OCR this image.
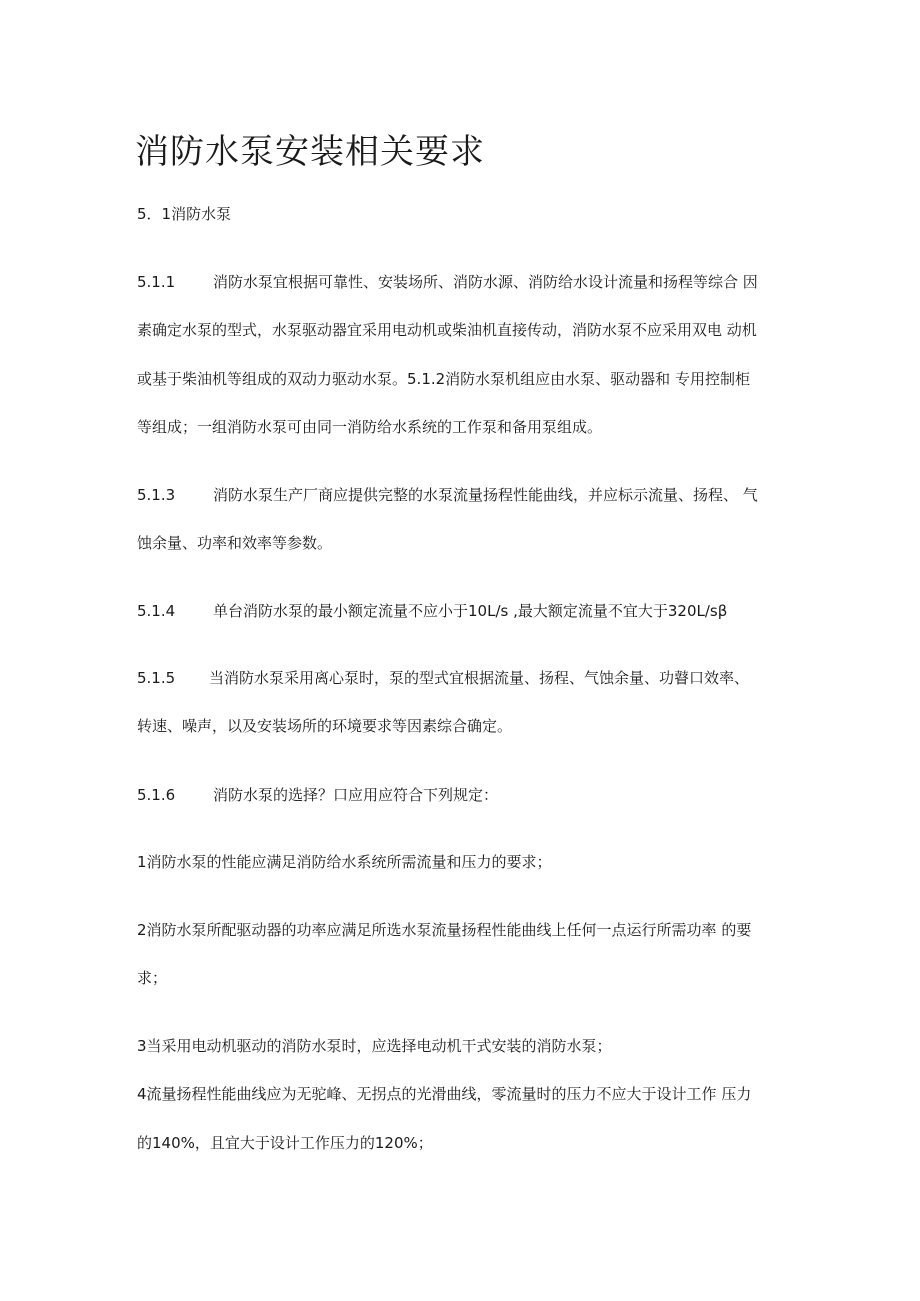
消防水泵安装相关要求
5．1消防水泵
5.1.1	消防水泵宜根据可靠性、安装场所、消防水源、消防给水设计流量和扬程等综合 因
素确定水泵的型式，水泵驱动器宜采用电动机或柴油机直接传动，消防水泵不应采用双电 动机
或基于柴油机等组成的双动力驱动水泵。5.1.2消防水泵机组应由水泵、驱动器和 专用控制柜
等组成；一组消防水泵可由同一消防给水系统的工作泵和备用泵组成。
5.1.3	消防水泵生产厂商应提供完整的水泵流量扬程性能曲线，并应标示流量、扬程、 气
蚀余量、功率和效率等参数。
5.1.4	单台消防水泵的最小额定流量不应小于10L∕s ,最大额定流量不宜大于320L∕sβ
5.1.5 当消防水泵采用离心泵时，泵的型式宜根据流量、扬程、气蚀余量、功瞽口效率、
转速、噪声，以及安装场所的环境要求等因素综合确定。
5.1.6	消防水泵的选择？口应用应符合下列规定：
1消防水泵的性能应满足消防给水系统所需流量和压力的要求；
2消防水泵所配驱动器的功率应满足所选水泵流量扬程性能曲线上任何一点运行所需功率 的要
求；
3当采用电动机驱动的消防水泵时，应选择电动机干式安装的消防水泵；
4流量扬程性能曲线应为无驼峰、无拐点的光滑曲线，零流量时的压力不应大于设计工作 压力
的140%，且宜大于设计工作压力的120%；
